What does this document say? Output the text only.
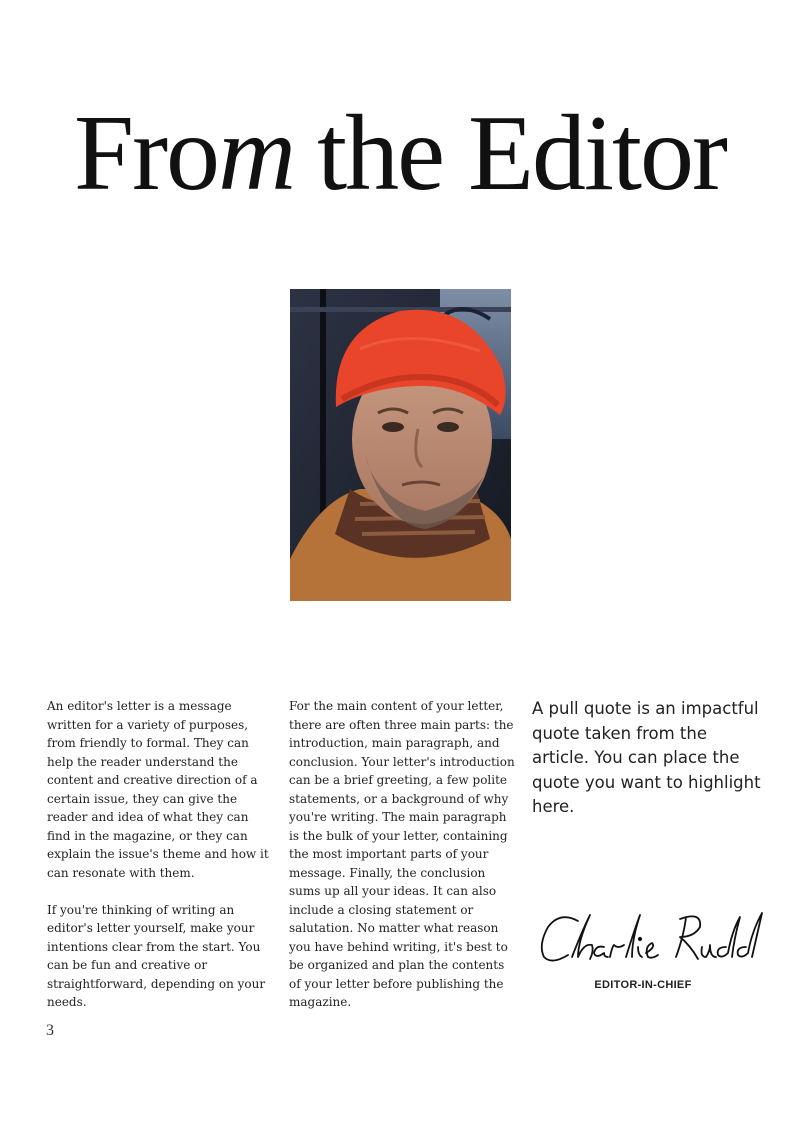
From the Editor

An editor's letter is a message written for a variety of purposes, from friendly to formal. They can help the reader understand the content and creative direction of a certain issue, they can give the reader and idea of what they can find in the magazine, or they can explain the issue's theme and how it can resonate with them.

If you're thinking of writing an editor's letter yourself, make your intentions clear from the start. You can be fun and creative or straightforward, depending on your needs.

For the main content of your letter, there are often three main parts: the introduction, main paragraph, and conclusion. Your letter's introduction can be a brief greeting, a few polite statements, or a background of why you're writing. The main paragraph is the bulk of your letter, containing the most important parts of your message. Finally, the conclusion sums up all your ideas. It can also include a closing statement or salutation. No matter what reason you have behind writing, it's best to be organized and plan the contents of your letter before publishing the magazine.

A pull quote is an impactful quote taken from the article. You can place the quote you want to highlight here.
EDITOR-IN-CHIEF
3
